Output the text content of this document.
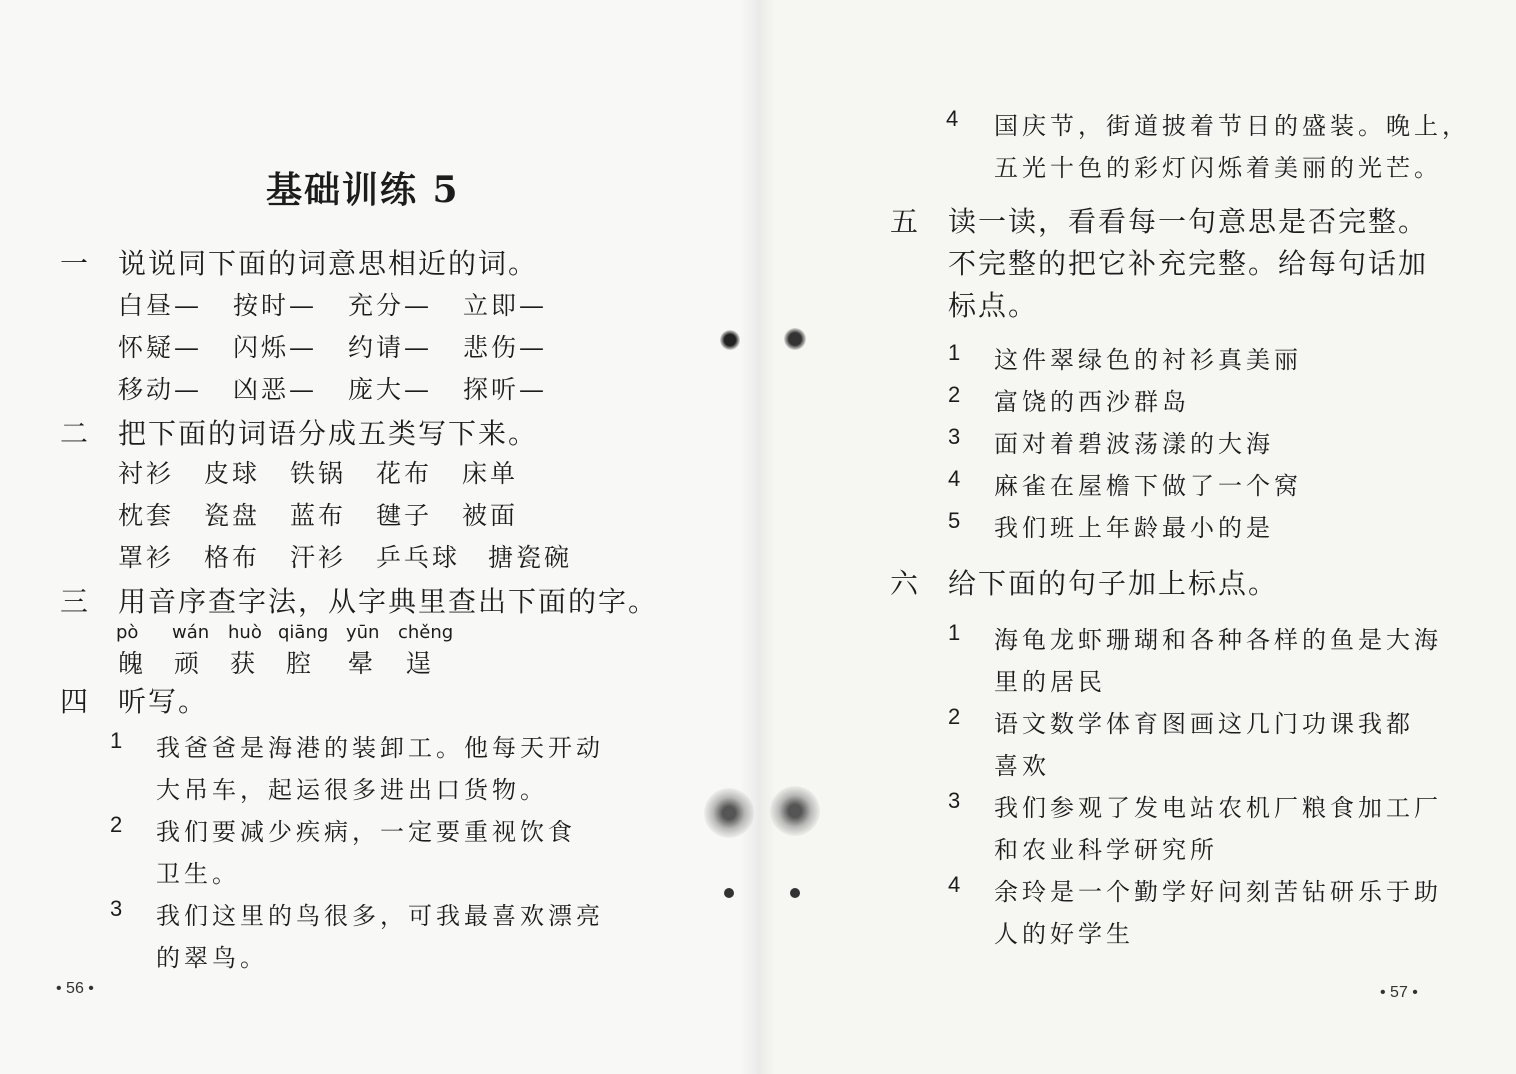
基础训练 5
一 说说同下面的词意思相近的词。
白昼— 按时— 充分— 立即—
怀疑— 闪烁— 约请— 悲伤—
移动— 凶恶— 庞大— 探听—
二 把下面的词语分成五类写下来。
衬衫 皮球 铁锅 花布 床单
枕套 瓷盘 蓝布 毽子 被面
罩衫 格布 汗衫 乒乓球 搪瓷碗
三 用音序查字法，从字典里查出下面的字。
pò wán huò qiāng yūn chěng
魄 顽 获 腔 晕 逞
四 听写。
1 我爸爸是海港的装卸工。他每天开动
大吊车，起运很多进出口货物。
2 我们要减少疾病，一定要重视饮食
卫生。
3 我们这里的鸟很多，可我最喜欢漂亮
的翠鸟。
• 56 •
4 国庆节，街道披着节日的盛装。晚上，
五光十色的彩灯闪烁着美丽的光芒。
五 读一读，看看每一句意思是否完整。
不完整的把它补充完整。给每句话加
标点。
1 这件翠绿色的衬衫真美丽
2 富饶的西沙群岛
3 面对着碧波荡漾的大海
4 麻雀在屋檐下做了一个窝
5 我们班上年龄最小的是
六 给下面的句子加上标点。
1 海龟龙虾珊瑚和各种各样的鱼是大海
里的居民
2 语文数学体育图画这几门功课我都
喜欢
3 我们参观了发电站农机厂粮食加工厂
和农业科学研究所
4 余玲是一个勤学好问刻苦钻研乐于助
人的好学生
• 57 •
